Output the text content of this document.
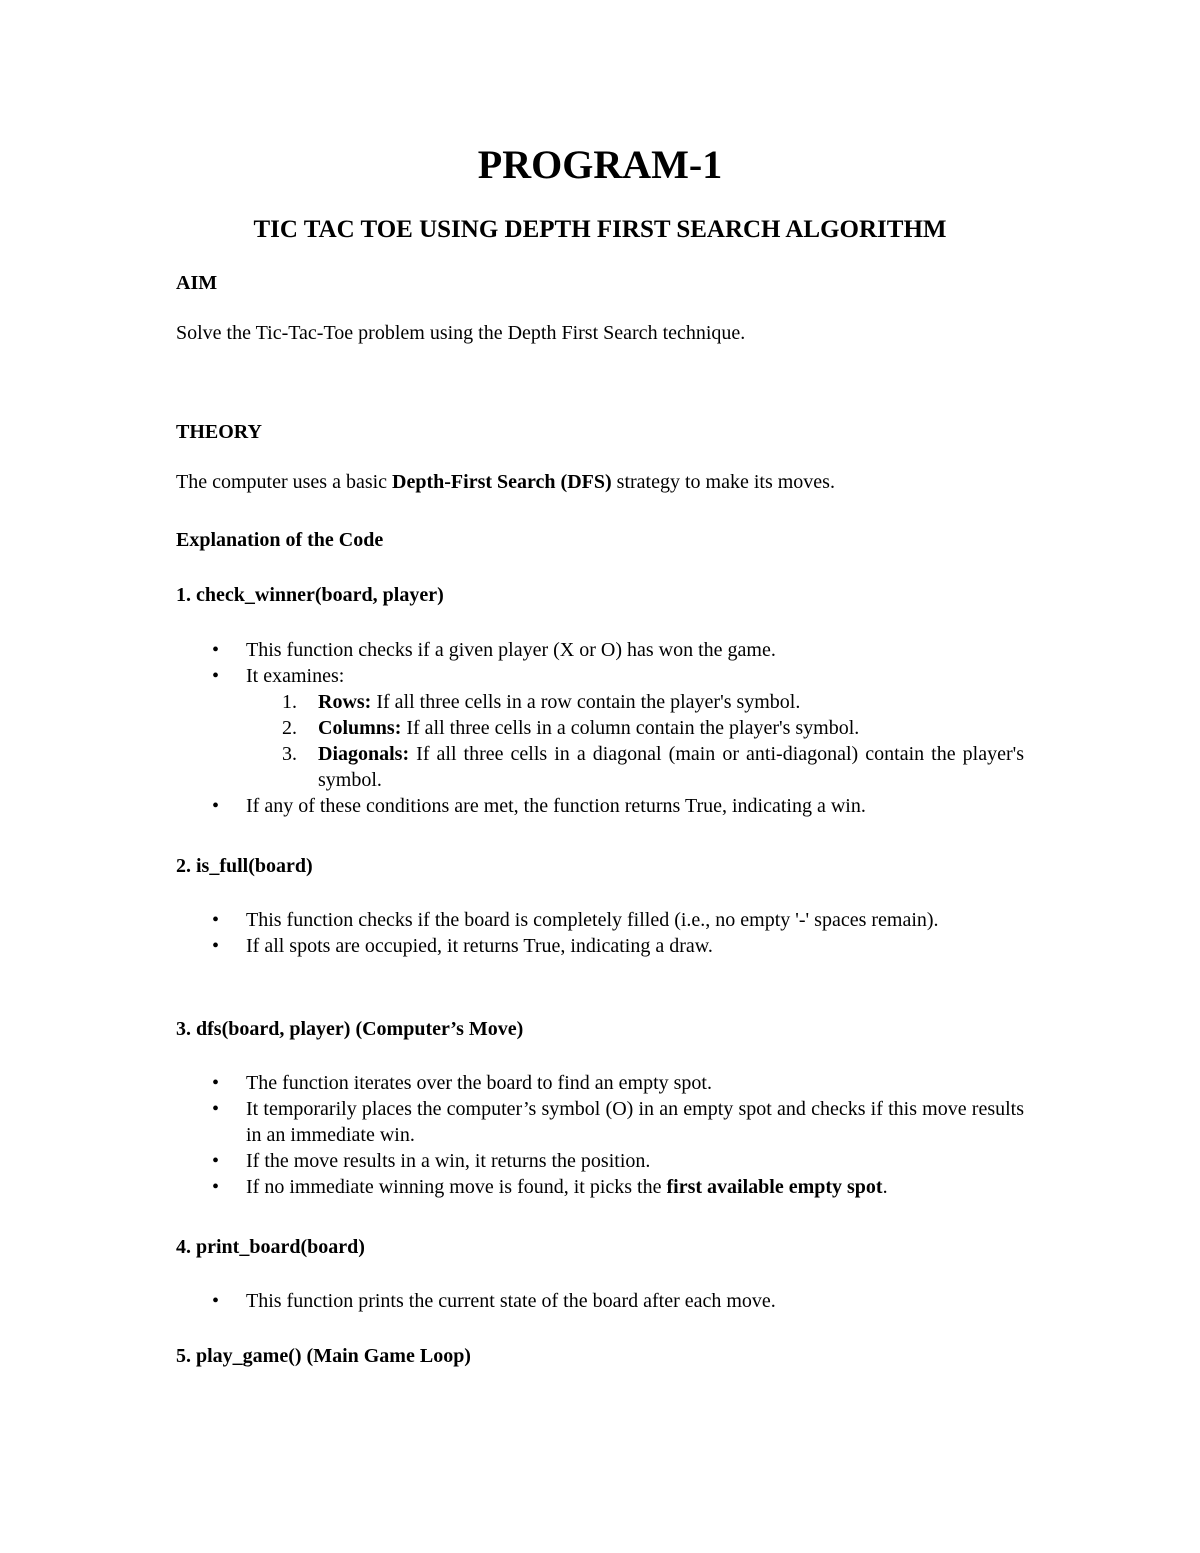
PROGRAM-1
TIC TAC TOE USING DEPTH FIRST SEARCH ALGORITHM
AIM
Solve the Tic-Tac-Toe problem using the Depth First Search technique.
THEORY
The computer uses a basic Depth-First Search (DFS) strategy to make its moves.
Explanation of the Code
1. check_winner(board, player)
• This function checks if a given player (X or O) has won the game.
• It examines:
1. Rows: If all three cells in a row contain the player's symbol.
2. Columns: If all three cells in a column contain the player's symbol.
3. Diagonals: If all three cells in a diagonal (main or anti-diagonal) contain the player's symbol.
• If any of these conditions are met, the function returns True, indicating a win.
2. is_full(board)
• This function checks if the board is completely filled (i.e., no empty '-' spaces remain).
• If all spots are occupied, it returns True, indicating a draw.
3. dfs(board, player) (Computer’s Move)
• The function iterates over the board to find an empty spot.
• It temporarily places the computer’s symbol (O) in an empty spot and checks if this move results in an immediate win.
• If the move results in a win, it returns the position.
• If no immediate winning move is found, it picks the first available empty spot.
4. print_board(board)
• This function prints the current state of the board after each move.
5. play_game() (Main Game Loop)
